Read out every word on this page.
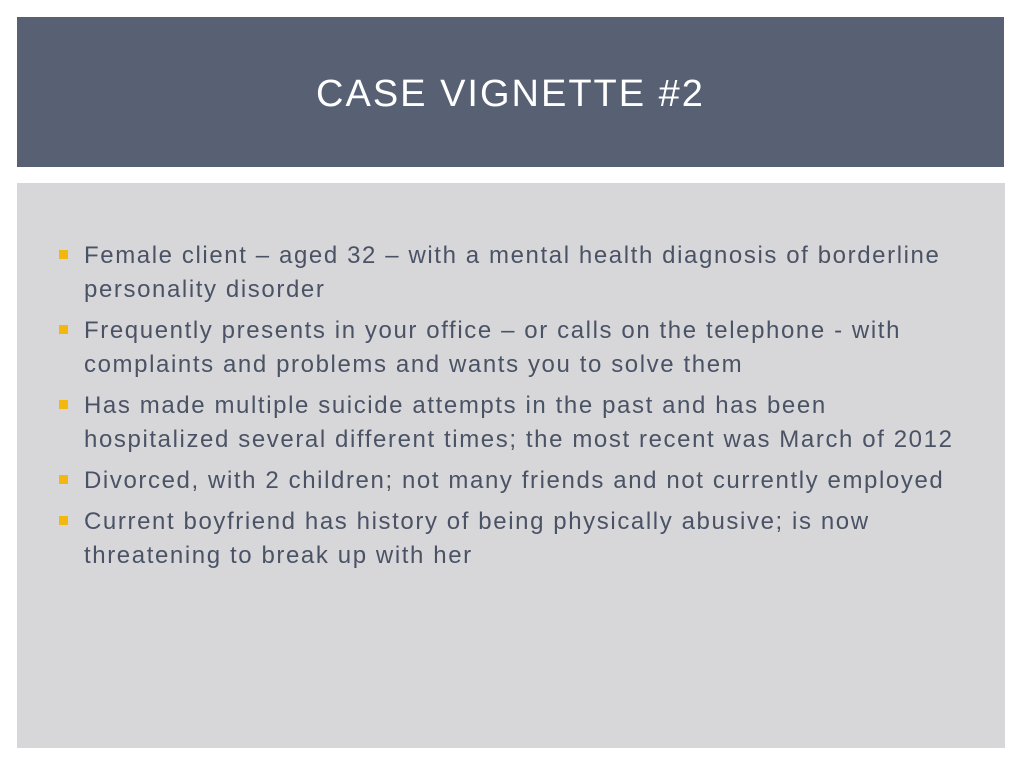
CASE VIGNETTE #2
Female client – aged 32 – with a mental health diagnosis of borderline personality disorder
Frequently presents in your office – or calls on the telephone - with complaints and problems and wants you to solve them
Has made multiple suicide attempts in the past and has been hospitalized several different times; the most recent was March of 2012
Divorced, with 2 children; not many friends and not currently employed
Current boyfriend has history of being physically abusive; is now threatening to break up with her
